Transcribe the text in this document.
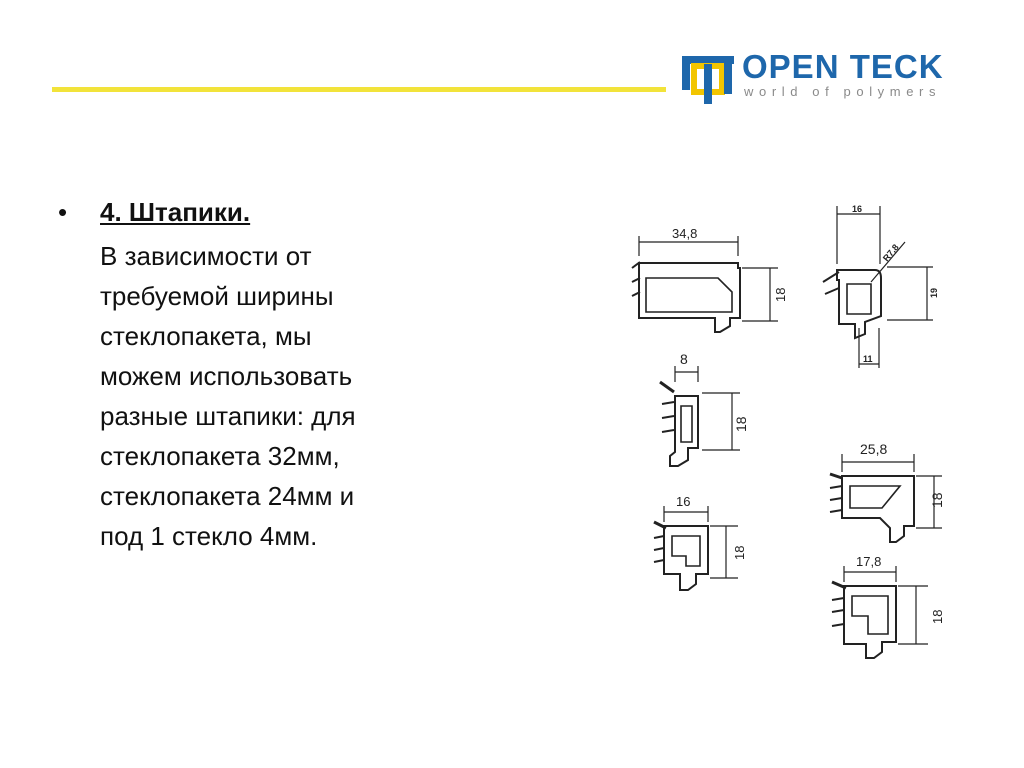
OPEN TECK
world of polymers
• 4. Штапики.
В зависимости от
требуемой ширины
стеклопакета, мы
можем использовать
разные штапики: для
стеклопакета 32мм,
стеклопакета 24мм и
под 1 стекло 4мм.
34,8
18
16
R7,8
19
11
8
18
25,8
18
16
18
17,8
18
